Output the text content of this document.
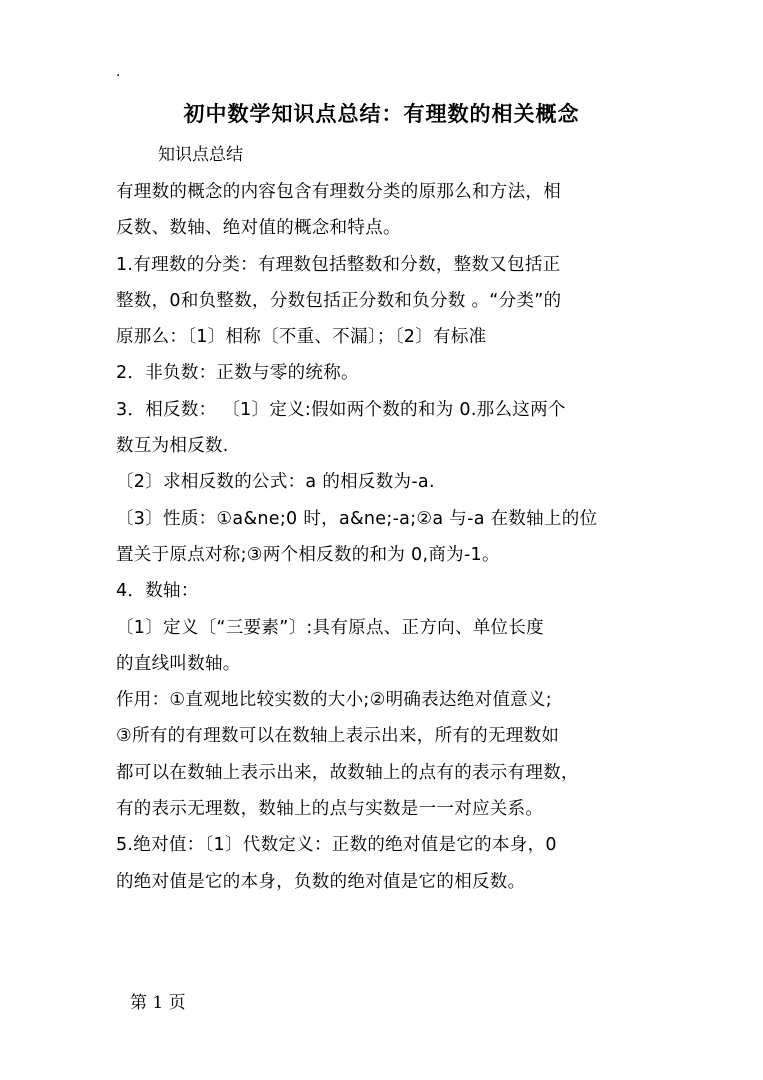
.
初中数学知识点总结：有理数的相关概念
知识点总结
有理数的概念的内容包含有理数分类的原那么和方法，相
反数、数轴、绝对值的概念和特点。
1.有理数的分类：有理数包括整数和分数，整数又包括正
整数，0和负整数，分数包括正分数和负分数 。“分类”的
原那么：〔1〕相称〔不重、不漏〕；〔2〕有标准
2．非负数：正数与零的统称。
3．相反数： 〔1〕定义:假如两个数的和为 0.那么这两个
数互为相反数.
〔2〕求相反数的公式：a 的相反数为-a.
〔3〕性质：①a&ne;0 时，a&ne;-a;②a 与-a 在数轴上的位
置关于原点对称;③两个相反数的和为 0,商为-1。
4．数轴：
〔1〕定义〔“三要素”〕:具有原点、正方向、单位长度
的直线叫数轴。
作用：①直观地比较实数的大小;②明确表达绝对值意义;
③所有的有理数可以在数轴上表示出来，所有的无理数如
都可以在数轴上表示出来，故数轴上的点有的表示有理数，
有的表示无理数，数轴上的点与实数是一一对应关系。
5.绝对值：〔1〕代数定义：正数的绝对值是它的本身，0
的绝对值是它的本身，负数的绝对值是它的相反数。
第 1 页
